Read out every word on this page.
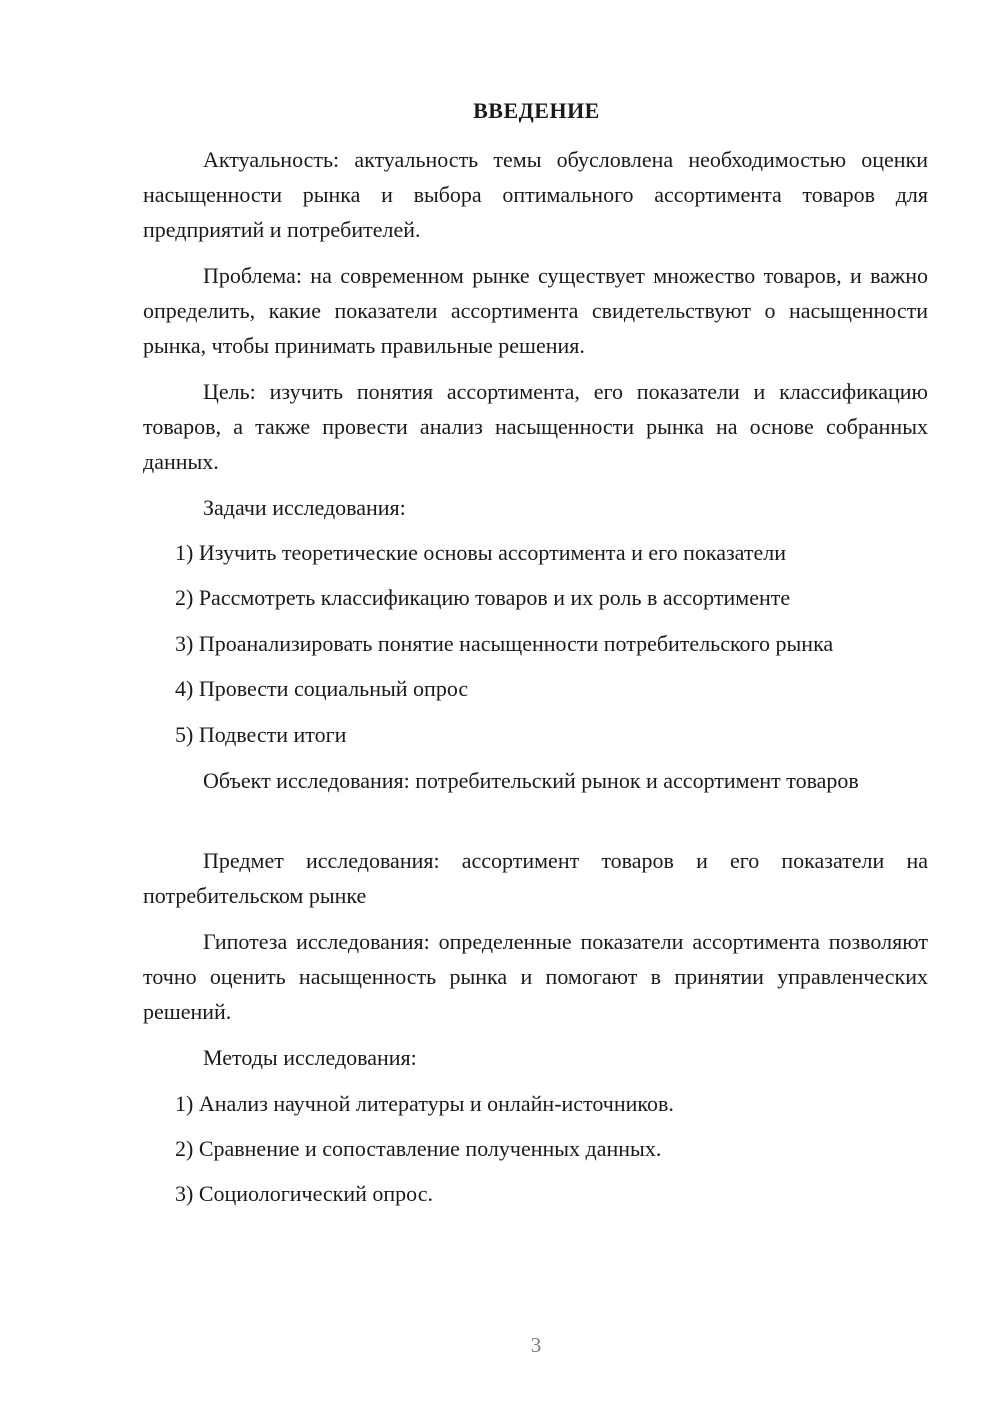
ВВЕДЕНИЕ

Актуальность: актуальность темы обусловлена необходимостью оценки насыщенности рынка и выбора оптимального ассортимента товаров для предприятий и потребителей.

Проблема: на современном рынке существует множество товаров, и важно определить, какие показатели ассортимента свидетельствуют о насыщенности рынка, чтобы принимать правильные решения.

Цель: изучить понятия ассортимента, его показатели и классификацию товаров, а также провести анализ насыщенности рынка на основе собранных данных.

Задачи исследования:

1) Изучить теоретические основы ассортимента и его показатели

2) Рассмотреть классификацию товаров и их роль в ассортименте

3) Проанализировать понятие насыщенности потребительского рынка

4) Провести социальный опрос

5) Подвести итоги

Объект исследования: потребительский рынок и ассортимент товаров

Предмет исследования: ассортимент товаров и его показатели на потребительском рынке

Гипотеза исследования: определенные показатели ассортимента позволяют точно оценить насыщенность рынка и помогают в принятии управленческих решений.

Методы исследования:

1) Анализ научной литературы и онлайн-источников.

2) Сравнение и сопоставление полученных данных.

3) Социологический опрос.

3
